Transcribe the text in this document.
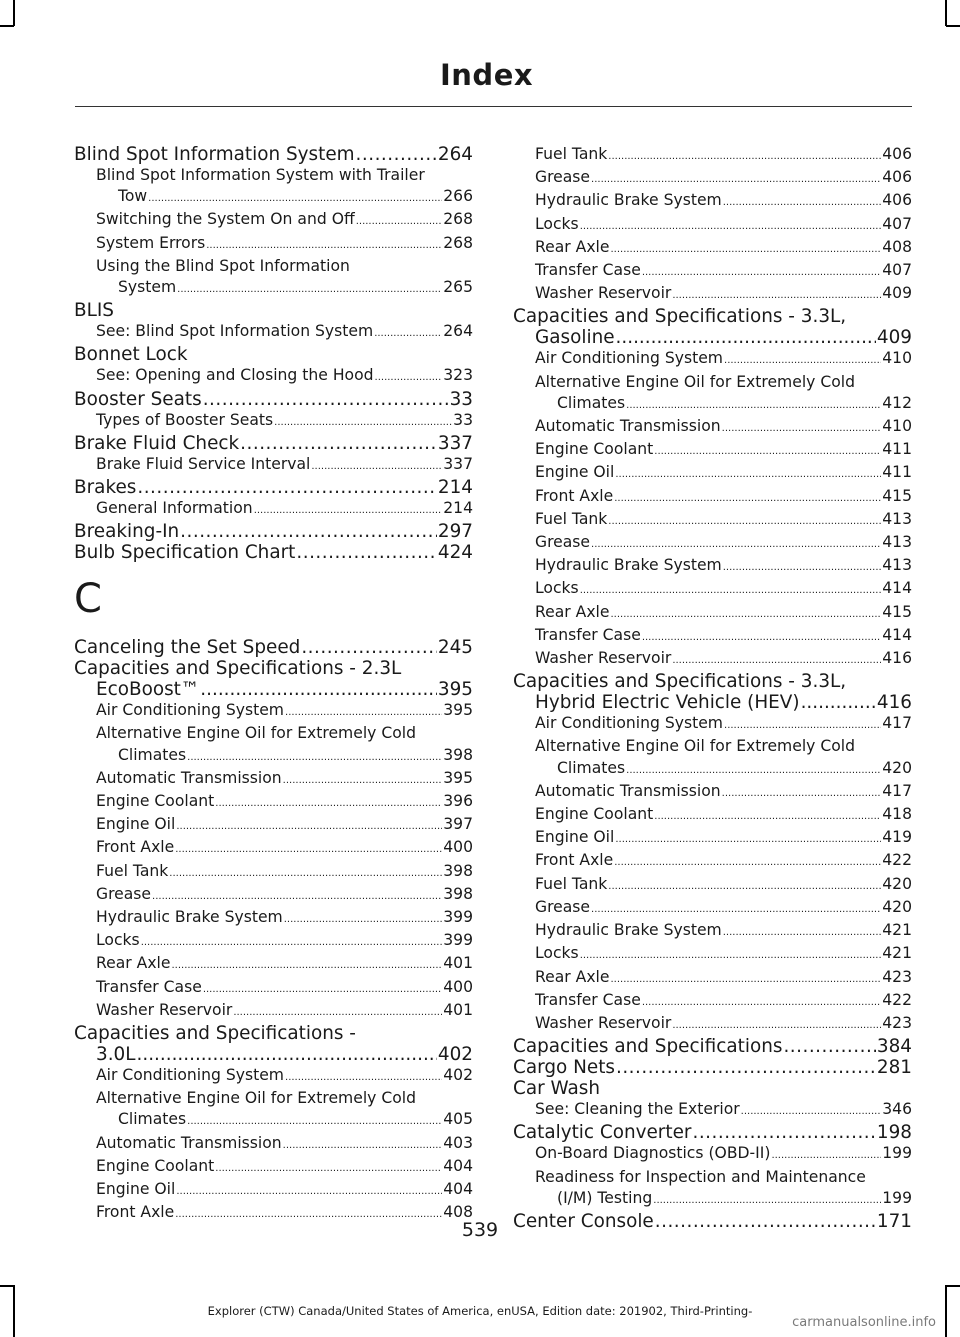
Index
Blind Spot Information System .....	264
Blind Spot Information System with Trailer
Tow .....	266
Switching the System On and Off .....	268
System Errors .....	268
Using the Blind Spot Information
System .....	265
BLIS
See: Blind Spot Information System .....	264
Bonnet Lock
See: Opening and Closing the Hood .....	323
Booster Seats .....	33
Types of Booster Seats .....	33
Brake Fluid Check .....	337
Brake Fluid Service Interval .....	337
Brakes .....	214
General Information .....	214
Breaking-In .....	297
Bulb Specification Chart .....	424
C
Canceling the Set Speed .....	245
Capacities and Specifications - 2.3L
EcoBoost™ .....	395
Air Conditioning System .....	395
Alternative Engine Oil for Extremely Cold
Climates .....	398
Automatic Transmission .....	395
Engine Coolant .....	396
Engine Oil .....	397
Front Axle .....	400
Fuel Tank .....	398
Grease .....	398
Hydraulic Brake System .....	399
Locks .....	399
Rear Axle .....	401
Transfer Case .....	400
Washer Reservoir .....	401
Capacities and Specifications -
3.0L .....	402
Air Conditioning System .....	402
Alternative Engine Oil for Extremely Cold
Climates .....	405
Automatic Transmission .....	403
Engine Coolant .....	404
Engine Oil .....	404
Front Axle .....	408
Fuel Tank .....	406
Grease .....	406
Hydraulic Brake System .....	406
Locks .....	407
Rear Axle .....	408
Transfer Case .....	407
Washer Reservoir .....	409
Capacities and Specifications - 3.3L,
Gasoline .....	409
Air Conditioning System .....	410
Alternative Engine Oil for Extremely Cold
Climates .....	412
Automatic Transmission .....	410
Engine Coolant .....	411
Engine Oil .....	411
Front Axle .....	415
Fuel Tank .....	413
Grease .....	413
Hydraulic Brake System .....	413
Locks .....	414
Rear Axle .....	415
Transfer Case .....	414
Washer Reservoir .....	416
Capacities and Specifications - 3.3L,
Hybrid Electric Vehicle (HEV) .....	416
Air Conditioning System .....	417
Alternative Engine Oil for Extremely Cold
Climates .....	420
Automatic Transmission .....	417
Engine Coolant .....	418
Engine Oil .....	419
Front Axle .....	422
Fuel Tank .....	420
Grease .....	420
Hydraulic Brake System .....	421
Locks .....	421
Rear Axle .....	423
Transfer Case .....	422
Washer Reservoir .....	423
Capacities and Specifications .....	384
Cargo Nets .....	281
Car Wash
See: Cleaning the Exterior .....	346
Catalytic Converter .....	198
On-Board Diagnostics (OBD-II) .....	199
Readiness for Inspection and Maintenance
(I/M) Testing .....	199
Center Console .....	171
539
Explorer (CTW) Canada/United States of America, enUSA, Edition date: 201902, Third-Printing-
carmanualsonline.info
